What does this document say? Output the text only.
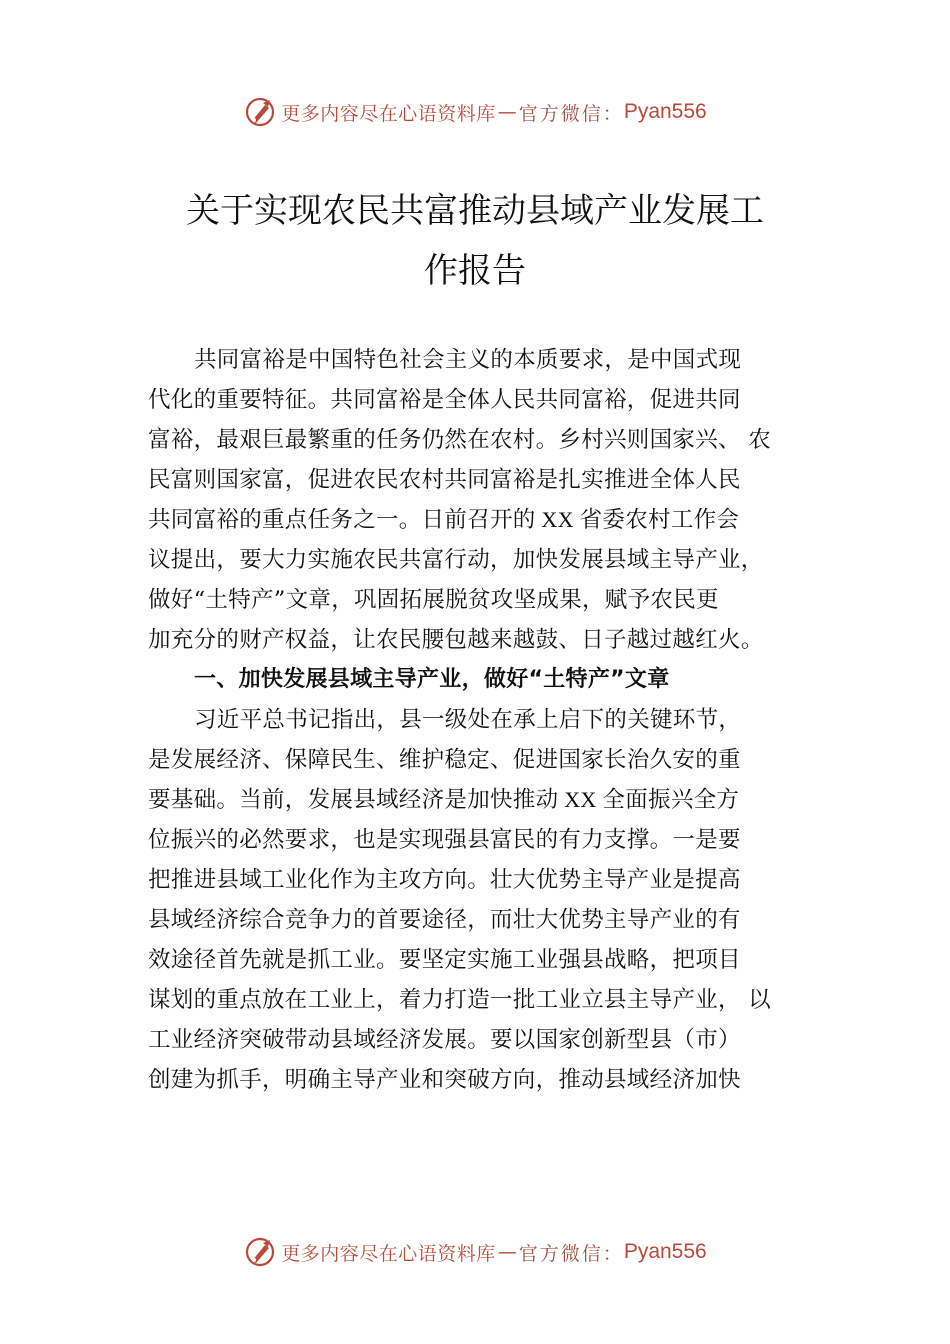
更多内容尽在心语资料库 — 官方微信： Pyan556
关于实现农民共富推动县域产业发展工
作报告
共同富裕是中国特色社会主义的本质要求，是中国式现
代化的重要特征。共同富裕是全体人民共同富裕，促进共同
富裕，最艰巨最繁重的任务仍然在农村。乡村兴则国家兴、 农
民富则国家富，促进农民农村共同富裕是扎实推进全体人民
共同富裕的重点任务之一。日前召开的 XX 省委农村工作会
议提出，要大力实施农民共富行动，加快发展县域主导产业，
做好“土特产”文章，巩固拓展脱贫攻坚成果，赋予农民更
加充分的财产权益，让农民腰包越来越鼓、日子越过越红火。
一、加快发展县域主导产业，做好“土特产”文章
习近平总书记指出，县一级处在承上启下的关键环节，
是发展经济、保障民生、维护稳定、促进国家长治久安的重
要基础。当前，发展县域经济是加快推动 XX 全面振兴全方
位振兴的必然要求，也是实现强县富民的有力支撑。一是要
把推进县域工业化作为主攻方向。壮大优势主导产业是提高
县域经济综合竞争力的首要途径，而壮大优势主导产业的有
效途径首先就是抓工业。要坚定实施工业强县战略，把项目
谋划的重点放在工业上，着力打造一批工业立县主导产业， 以
工业经济突破带动县域经济发展。要以国家创新型县（市）
创建为抓手，明确主导产业和突破方向，推动县域经济加快
更多内容尽在心语资料库 — 官方微信： Pyan556
